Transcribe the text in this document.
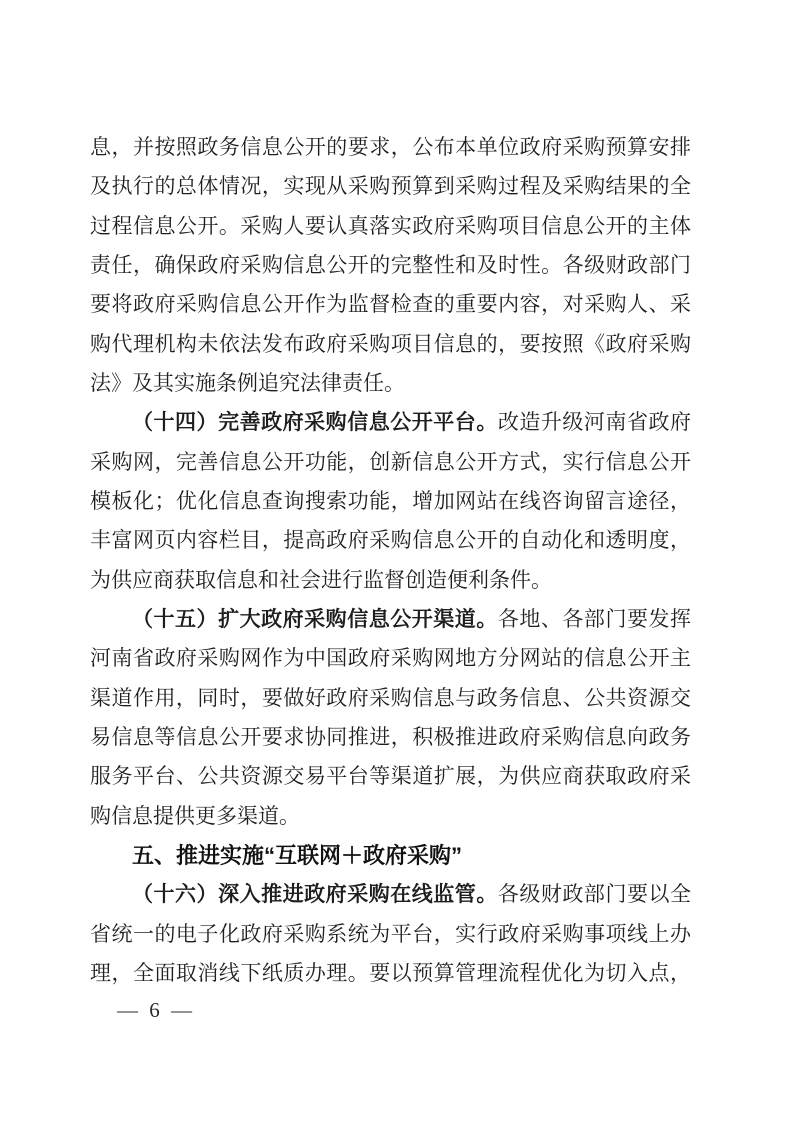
息，并按照政务信息公开的要求，公布本单位政府采购预算安排
及执行的总体情况，实现从采购预算到采购过程及采购结果的全
过程信息公开。采购人要认真落实政府采购项目信息公开的主体
责任，确保政府采购信息公开的完整性和及时性。各级财政部门
要将政府采购信息公开作为监督检查的重要内容，对采购人、采
购代理机构未依法发布政府采购项目信息的，要按照《政府采购
法》及其实施条例追究法律责任。
（十四）完善政府采购信息公开平台。改造升级河南省政府
采购网，完善信息公开功能，创新信息公开方式，实行信息公开
模板化；优化信息查询搜索功能，增加网站在线咨询留言途径，
丰富网页内容栏目，提高政府采购信息公开的自动化和透明度，
为供应商获取信息和社会进行监督创造便利条件。
（十五）扩大政府采购信息公开渠道。各地、各部门要发挥
河南省政府采购网作为中国政府采购网地方分网站的信息公开主
渠道作用，同时，要做好政府采购信息与政务信息、公共资源交
易信息等信息公开要求协同推进，积极推进政府采购信息向政务
服务平台、公共资源交易平台等渠道扩展，为供应商获取政府采
购信息提供更多渠道。
五、推进实施“互联网＋政府采购”
（十六）深入推进政府采购在线监管。各级财政部门要以全
省统一的电子化政府采购系统为平台，实行政府采购事项线上办
理，全面取消线下纸质办理。要以预算管理流程优化为切入点，
— 6 —
